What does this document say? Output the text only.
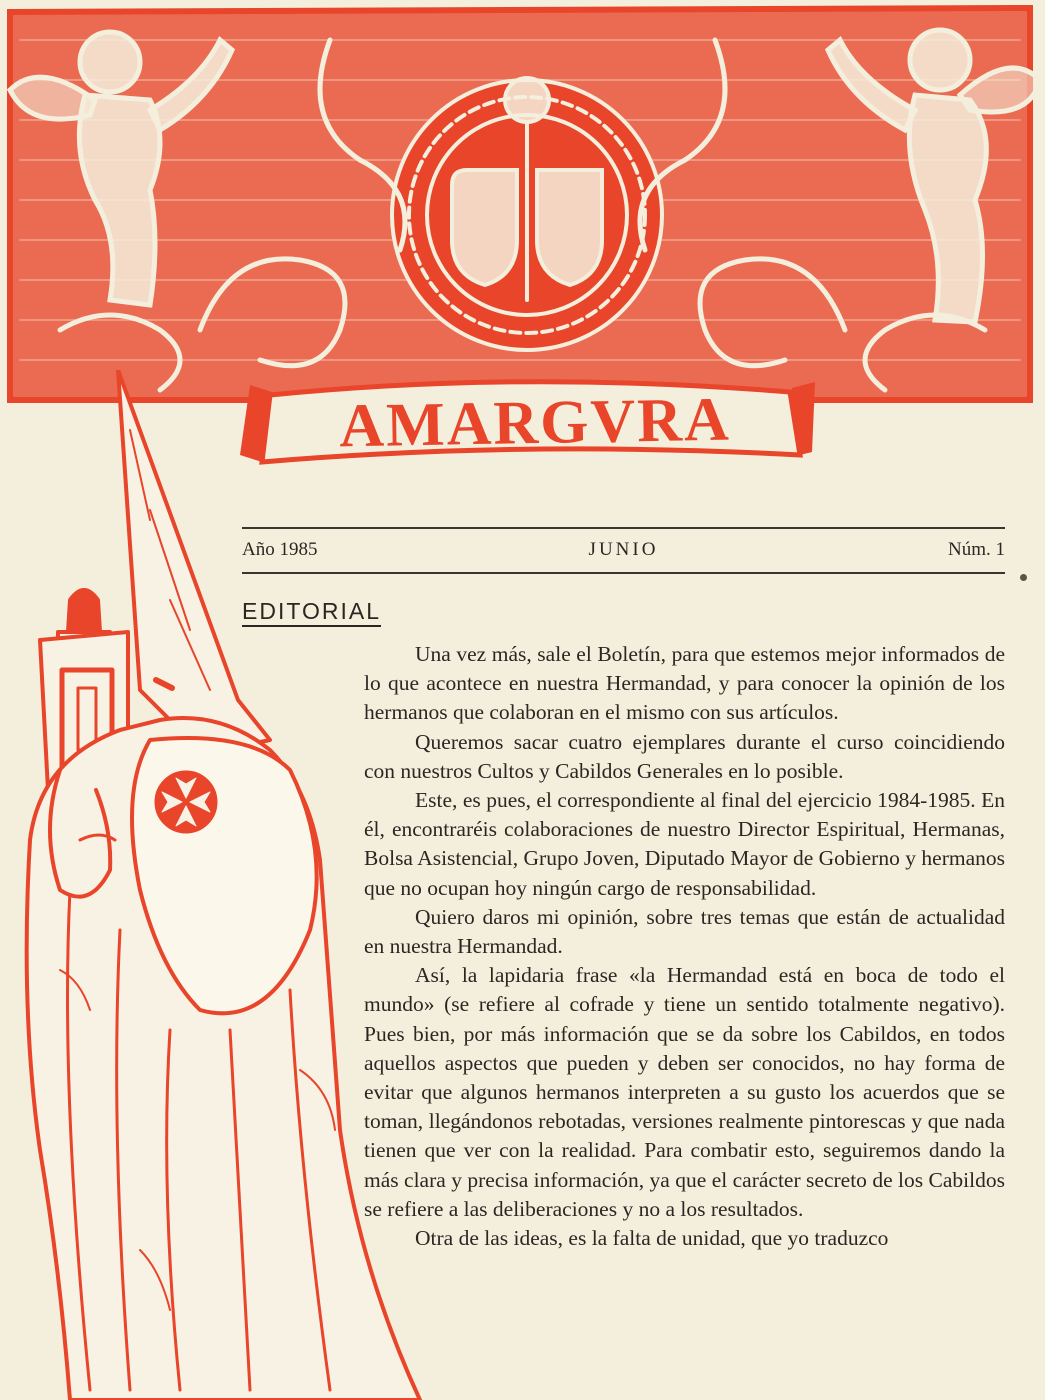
AMARGVRA
Año 1985	JUNIO	Núm. 1
EDITORIAL

Una vez más, sale el Boletín, para que estemos mejor informados de lo que acontece en nuestra Hermandad, y para conocer la opinión de los hermanos que colaboran en el mismo con sus artículos.

Queremos sacar cuatro ejemplares durante el curso coincidiendo con nuestros Cultos y Cabildos Generales en lo posible.

Este, es pues, el correspondiente al final del ejercicio 1984-1985. En él, encontraréis colaboraciones de nuestro Director Espiritual, Hermanas, Bolsa Asistencial, Grupo Joven, Diputado Mayor de Gobierno y hermanos que no ocupan hoy ningún cargo de responsabilidad.

Quiero daros mi opinión, sobre tres temas que están de actualidad en nuestra Hermandad.

Así, la lapidaria frase «la Hermandad está en boca de todo el mundo» (se refiere al cofrade y tiene un sentido totalmente negativo). Pues bien, por más información que se da sobre los Cabildos, en todos aquellos aspectos que pueden y deben ser conocidos, no hay forma de evitar que algunos hermanos interpreten a su gusto los acuerdos que se toman, llegándonos rebotadas, versiones realmente pintorescas y que nada tienen que ver con la realidad. Para combatir esto, seguiremos dando la más clara y precisa información, ya que el carácter secreto de los Cabildos se refiere a las deliberaciones y no a los resultados.

Otra de las ideas, es la falta de unidad, que yo traduzco
